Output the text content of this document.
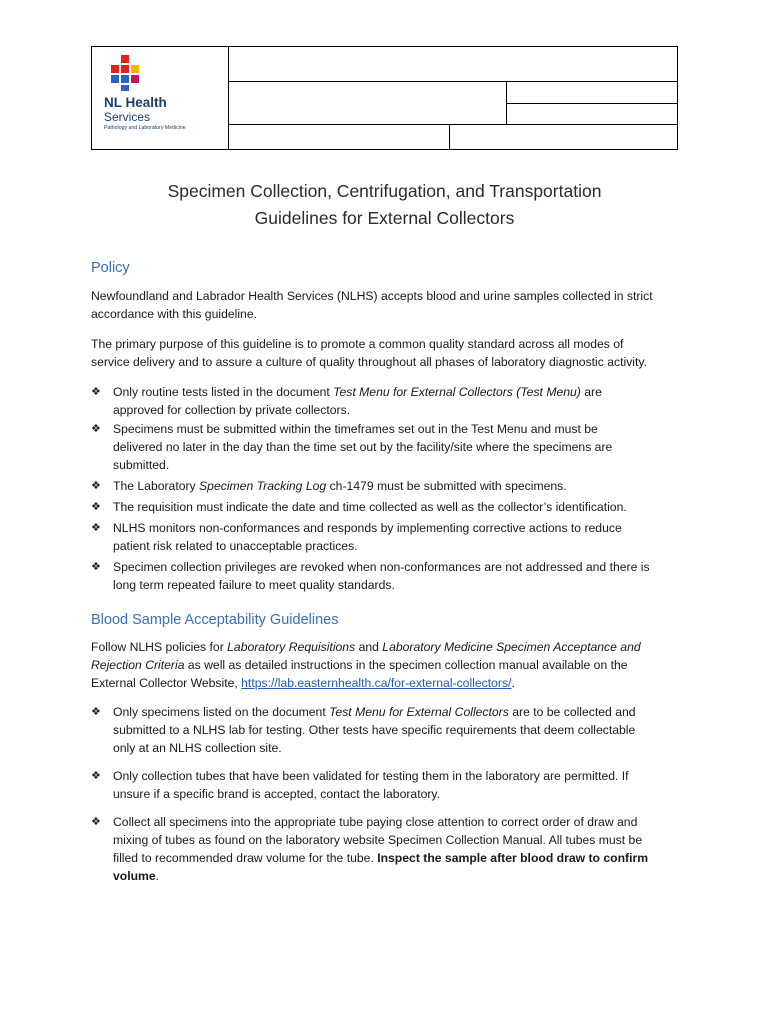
NL Health
Services
Pathology and Laboratory Medicine
Specimen Collection, Centrifugation, and Transportation
Guidelines for External Collectors
Policy
Newfoundland and Labrador Health Services (NLHS) accepts blood and urine samples collected in strict
accordance with this guideline.
The primary purpose of this guideline is to promote a common quality standard across all modes of
service delivery and to assure a culture of quality throughout all phases of laboratory diagnostic activity.
❖ Only routine tests listed in the document Test Menu for External Collectors (Test Menu) are
approved for collection by private collectors.
❖ Specimens must be submitted within the timeframes set out in the Test Menu and must be
delivered no later in the day than the time set out by the facility/site where the specimens are
submitted.
❖ The Laboratory Specimen Tracking Log ch-1479 must be submitted with specimens.
❖ The requisition must indicate the date and time collected as well as the collector’s identification.
❖ NLHS monitors non-conformances and responds by implementing corrective actions to reduce
patient risk related to unacceptable practices.
❖ Specimen collection privileges are revoked when non-conformances are not addressed and there is
long term repeated failure to meet quality standards.
Blood Sample Acceptability Guidelines
Follow NLHS policies for Laboratory Requisitions and Laboratory Medicine Specimen Acceptance and
Rejection Criteria as well as detailed instructions in the specimen collection manual available on the
External Collector Website, https://lab.easternhealth.ca/for-external-collectors/.
❖ Only specimens listed on the document Test Menu for External Collectors are to be collected and
submitted to a NLHS lab for testing. Other tests have specific requirements that deem collectable
only at an NLHS collection site.
❖ Only collection tubes that have been validated for testing them in the laboratory are permitted. If
unsure if a specific brand is accepted, contact the laboratory.
❖ Collect all specimens into the appropriate tube paying close attention to correct order of draw and
mixing of tubes as found on the laboratory website Specimen Collection Manual. All tubes must be
filled to recommended draw volume for the tube. Inspect the sample after blood draw to confirm
volume.
